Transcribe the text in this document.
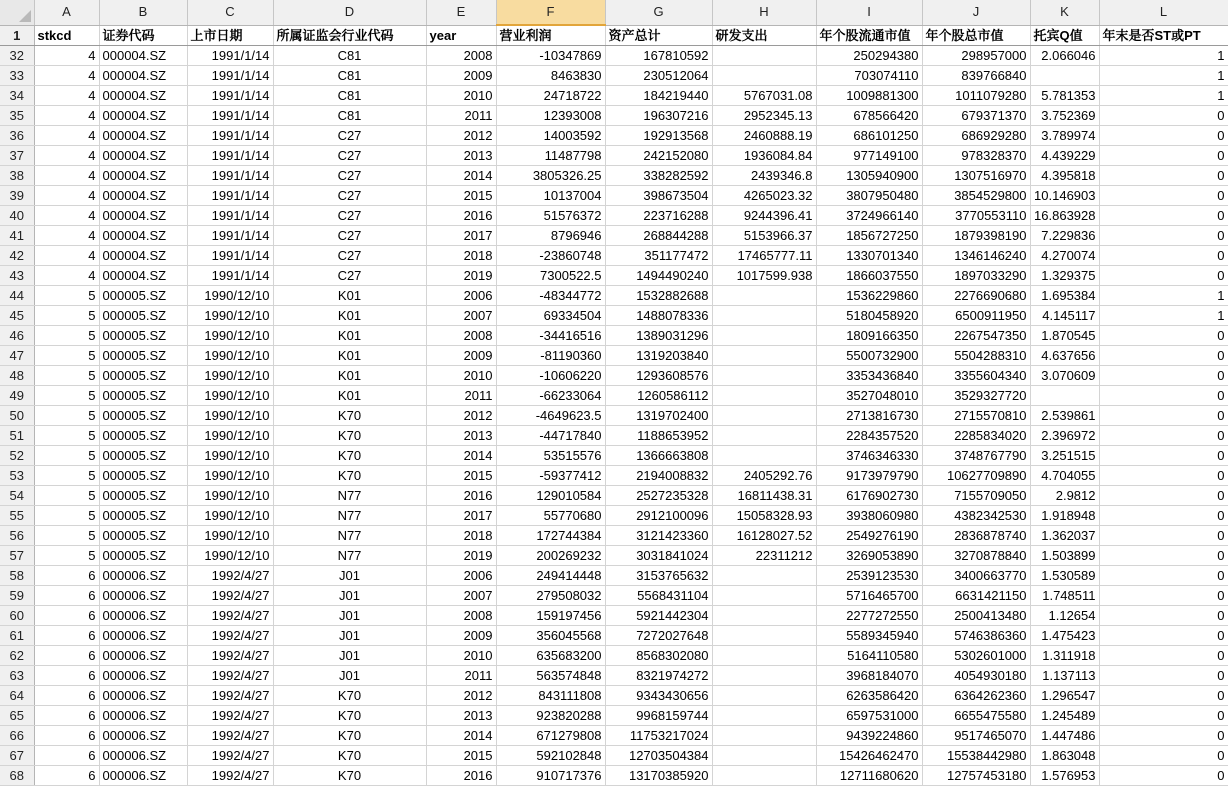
	A	B	C	D	E	F	G	H	I	J	K	L
1	stkcd	证券代码	上市日期	所属证监会行业代码	year	营业利润	资产总计	研发支出	年个股流通市值	年个股总市值	托宾Q值	年末是否ST或PT
32	4	000004.SZ	1991/1/14	C81	2008	-10347869	167810592		250294380	298957000	2.066046	1
33	4	000004.SZ	1991/1/14	C81	2009	8463830	230512064		703074110	839766840		1
34	4	000004.SZ	1991/1/14	C81	2010	24718722	184219440	5767031.08	1009881300	1011079280	5.781353	1
35	4	000004.SZ	1991/1/14	C81	2011	12393008	196307216	2952345.13	678566420	679371370	3.752369	0
36	4	000004.SZ	1991/1/14	C27	2012	14003592	192913568	2460888.19	686101250	686929280	3.789974	0
37	4	000004.SZ	1991/1/14	C27	2013	11487798	242152080	1936084.84	977149100	978328370	4.439229	0
38	4	000004.SZ	1991/1/14	C27	2014	3805326.25	338282592	2439346.8	1305940900	1307516970	4.395818	0
39	4	000004.SZ	1991/1/14	C27	2015	10137004	398673504	4265023.32	3807950480	3854529800	10.146903	0
40	4	000004.SZ	1991/1/14	C27	2016	51576372	223716288	9244396.41	3724966140	3770553110	16.863928	0
41	4	000004.SZ	1991/1/14	C27	2017	8796946	268844288	5153966.37	1856727250	1879398190	7.229836	0
42	4	000004.SZ	1991/1/14	C27	2018	-23860748	351177472	17465777.11	1330701340	1346146240	4.270074	0
43	4	000004.SZ	1991/1/14	C27	2019	7300522.5	1494490240	1017599.938	1866037550	1897033290	1.329375	0
44	5	000005.SZ	1990/12/10	K01	2006	-48344772	1532882688		1536229860	2276690680	1.695384	1
45	5	000005.SZ	1990/12/10	K01	2007	69334504	1488078336		5180458920	6500911950	4.145117	1
46	5	000005.SZ	1990/12/10	K01	2008	-34416516	1389031296		1809166350	2267547350	1.870545	0
47	5	000005.SZ	1990/12/10	K01	2009	-81190360	1319203840		5500732900	5504288310	4.637656	0
48	5	000005.SZ	1990/12/10	K01	2010	-10606220	1293608576		3353436840	3355604340	3.070609	0
49	5	000005.SZ	1990/12/10	K01	2011	-66233064	1260586112		3527048010	3529327720		0
50	5	000005.SZ	1990/12/10	K70	2012	-4649623.5	1319702400		2713816730	2715570810	2.539861	0
51	5	000005.SZ	1990/12/10	K70	2013	-44717840	1188653952		2284357520	2285834020	2.396972	0
52	5	000005.SZ	1990/12/10	K70	2014	53515576	1366663808		3746346330	3748767790	3.251515	0
53	5	000005.SZ	1990/12/10	K70	2015	-59377412	2194008832	2405292.76	9173979790	10627709890	4.704055	0
54	5	000005.SZ	1990/12/10	N77	2016	129010584	2527235328	16811438.31	6176902730	7155709050	2.9812	0
55	5	000005.SZ	1990/12/10	N77	2017	55770680	2912100096	15058328.93	3938060980	4382342530	1.918948	0
56	5	000005.SZ	1990/12/10	N77	2018	172744384	3121423360	16128027.52	2549276190	2836878740	1.362037	0
57	5	000005.SZ	1990/12/10	N77	2019	200269232	3031841024	22311212	3269053890	3270878840	1.503899	0
58	6	000006.SZ	1992/4/27	J01	2006	249414448	3153765632		2539123530	3400663770	1.530589	0
59	6	000006.SZ	1992/4/27	J01	2007	279508032	5568431104		5716465700	6631421150	1.748511	0
60	6	000006.SZ	1992/4/27	J01	2008	159197456	5921442304		2277272550	2500413480	1.12654	0
61	6	000006.SZ	1992/4/27	J01	2009	356045568	7272027648		5589345940	5746386360	1.475423	0
62	6	000006.SZ	1992/4/27	J01	2010	635683200	8568302080		5164110580	5302601000	1.311918	0
63	6	000006.SZ	1992/4/27	J01	2011	563574848	8321974272		3968184070	4054930180	1.137113	0
64	6	000006.SZ	1992/4/27	K70	2012	843111808	9343430656		6263586420	6364262360	1.296547	0
65	6	000006.SZ	1992/4/27	K70	2013	923820288	9968159744		6597531000	6655475580	1.245489	0
66	6	000006.SZ	1992/4/27	K70	2014	671279808	11753217024		9439224860	9517465070	1.447486	0
67	6	000006.SZ	1992/4/27	K70	2015	592102848	12703504384		15426462470	15538442980	1.863048	0
68	6	000006.SZ	1992/4/27	K70	2016	910717376	13170385920		12711680620	12757453180	1.576953	0
